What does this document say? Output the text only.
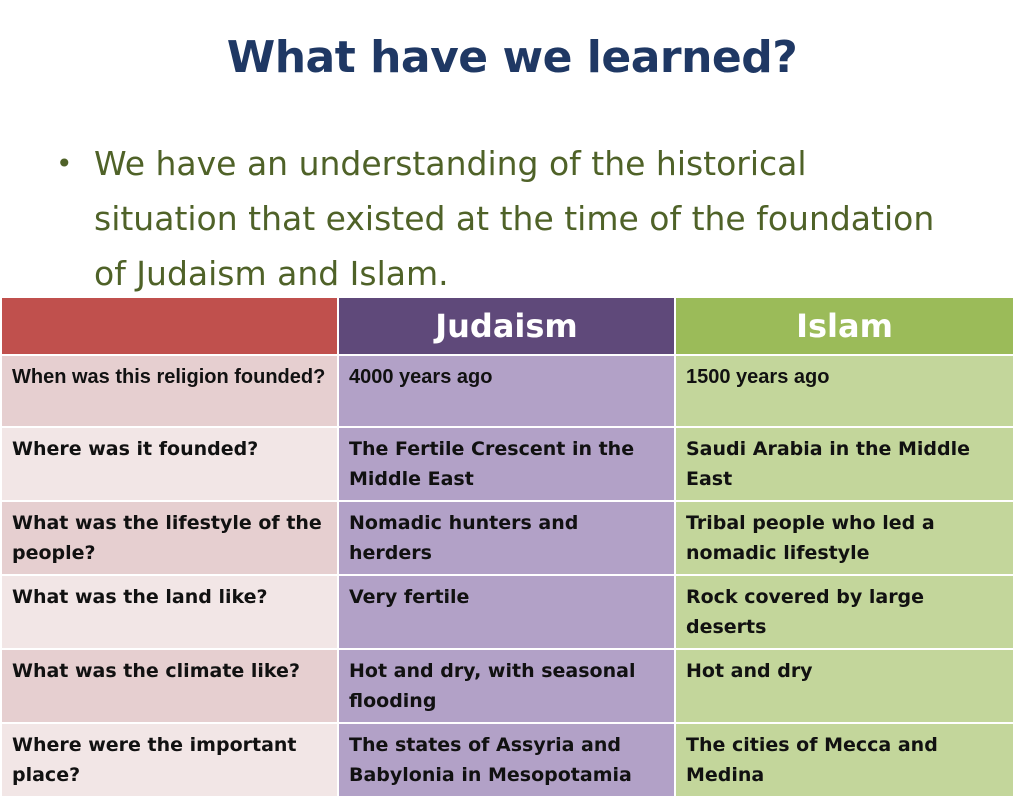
What have we learned?
• We have an understanding of the historical situation that existed at the time of the foundation of Judaism and Islam.
	Judaism	Islam
When was this religion founded?	4000 years ago	1500 years ago
Where was it founded?	The Fertile Crescent in the Middle East	Saudi Arabia in the Middle East
What was the lifestyle of the people?	Nomadic hunters and herders	Tribal people who led a nomadic lifestyle
What was the land like?	Very fertile	Rock covered by large deserts
What was the climate like?	Hot and dry, with seasonal flooding	Hot and dry
Where were the important place?	The states of Assyria and Babylonia in Mesopotamia	The cities of Mecca and Medina
